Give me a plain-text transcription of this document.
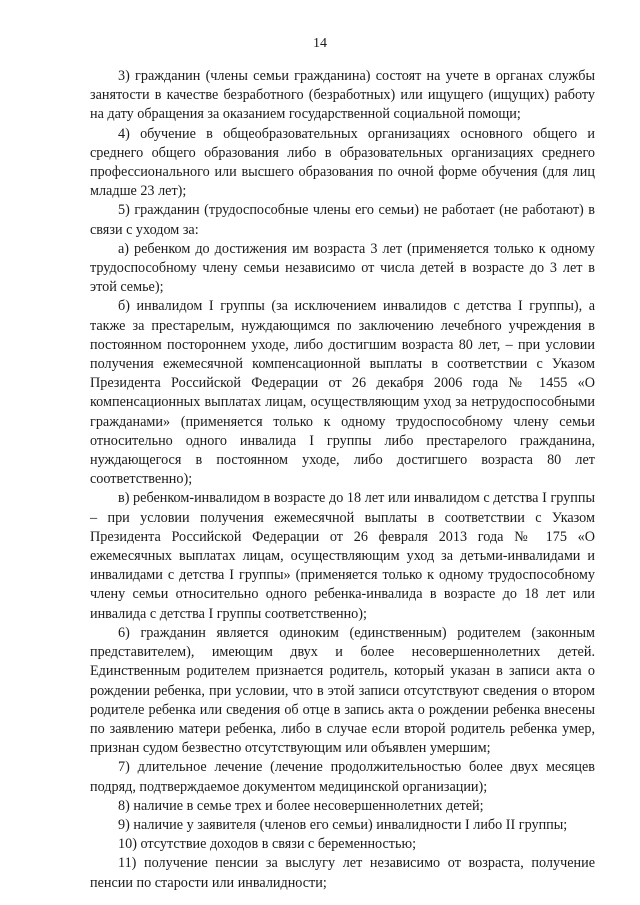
14

3) гражданин (члены семьи гражданина) состоят на учете в органах службы занятости в качестве безработного (безработных) или ищущего (ищущих) работу на дату обращения за оказанием государственной социальной помощи;

4) обучение в общеобразовательных организациях основного общего и среднего общего образования либо в образовательных организациях среднего профессионального или высшего образования по очной форме обучения (для лиц младше 23 лет);

5) гражданин (трудоспособные члены его семьи) не работает (не работают) в связи с уходом за:

а) ребенком до достижения им возраста 3 лет (применяется только к одному трудоспособному члену семьи независимо от числа детей в возрасте до 3 лет в этой семье);

б) инвалидом I группы (за исключением инвалидов с детства I группы), а также за престарелым, нуждающимся по заключению лечебного учреждения в постоянном постороннем уходе, либо достигшим возраста 80 лет, – при условии получения ежемесячной компенсационной выплаты в соответствии с Указом Президента Российской Федерации от 26 декабря 2006 года № 1455 «О компенсационных выплатах лицам, осуществляющим уход за нетрудоспособными гражданами» (применяется только к одному трудоспособному члену семьи относительно одного инвалида I группы либо престарелого гражданина, нуждающегося в постоянном уходе, либо достигшего возраста 80 лет соответственно);

в) ребенком-инвалидом в возрасте до 18 лет или инвалидом с детства I группы – при условии получения ежемесячной выплаты в соответствии с Указом Президента Российской Федерации от 26 февраля 2013 года № 175 «О ежемесячных выплатах лицам, осуществляющим уход за детьми-инвалидами и инвалидами с детства I группы» (применяется только к одному трудоспособному члену семьи относительно одного ребенка-инвалида в возрасте до 18 лет или инвалида с детства I группы соответственно);

6) гражданин является одиноким (единственным) родителем (законным представителем), имеющим двух и более несовершеннолетних детей. Единственным родителем признается родитель, который указан в записи акта о рождении ребенка, при условии, что в этой записи отсутствуют сведения о втором родителе ребенка или сведения об отце в запись акта о рождении ребенка внесены по заявлению матери ребенка, либо в случае если второй родитель ребенка умер, признан судом безвестно отсутствующим или объявлен умершим;

7) длительное лечение (лечение продолжительностью более двух месяцев подряд, подтверждаемое документом медицинской организации);

8) наличие в семье трех и более несовершеннолетних детей;

9) наличие у заявителя (членов его семьи) инвалидности I либо II группы;

10) отсутствие доходов в связи с беременностью;

11) получение пенсии за выслугу лет независимо от возраста, получение пенсии по старости или инвалидности;
